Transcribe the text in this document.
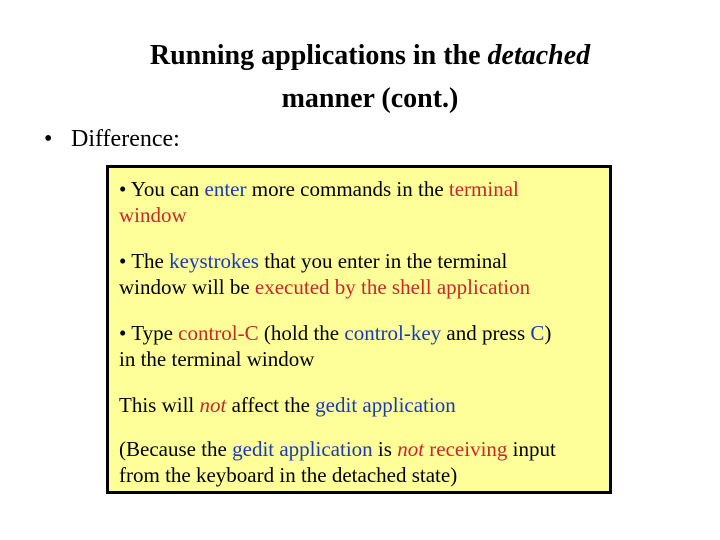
Running applications in the detached
manner (cont.)
• Difference:
• You can enter more commands in the terminal
window
• The keystrokes that you enter in the terminal
window will be executed by the shell application
• Type control-C (hold the control-key and press C)
in the terminal window
This will not affect the gedit application
(Because the gedit application is not receiving input
from the keyboard in the detached state)
